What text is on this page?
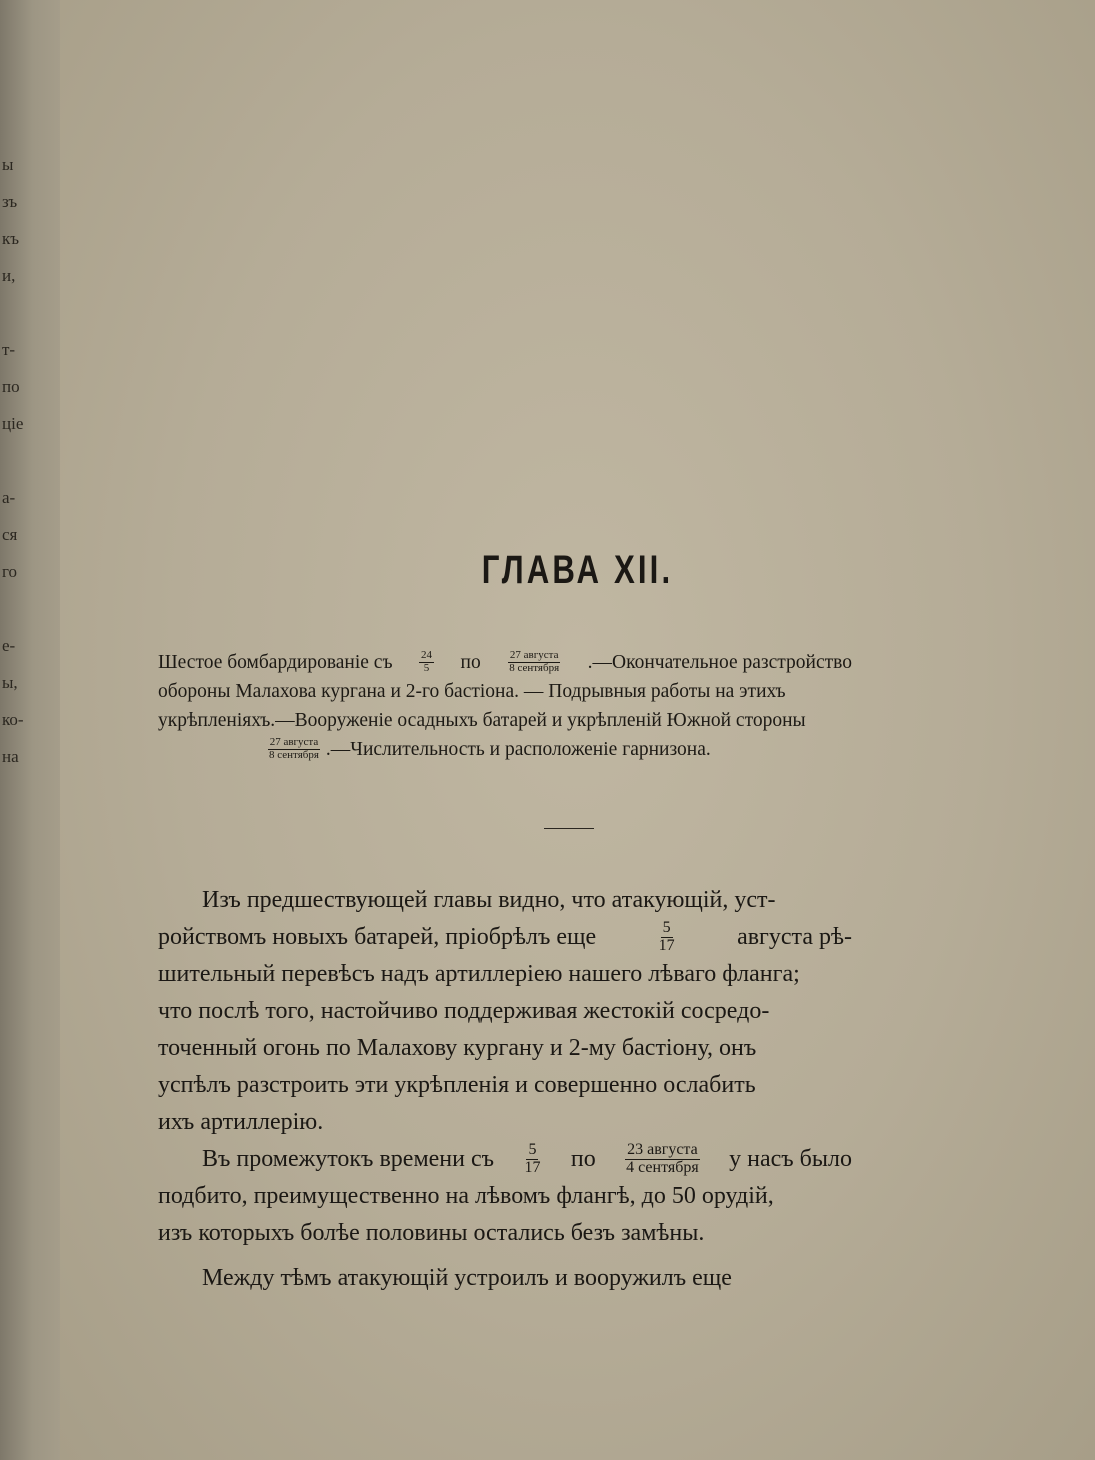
ы
зъ
къ
и,
т-
по
ціе
а-
ся
го
е-
ы,
ко-
на
ГЛАВА XII.
Шестое бомбардированіе съ $\frac{24}{5}$ по $\frac{\text{27 августа}}{\text{8 сентября}}$ .—Окончательное разстройство
обороны Малахова кургана и 2-го бастіона. — Подрывныя работы на этихъ
укрѣпленіяхъ.—Вооруженіе осадныхъ батарей и укрѣпленій Южной стороны
$\frac{\text{27 августа}}{\text{8 сентября}}$ .—Числительность и расположеніе гарнизона.
Изъ предшествующей главы видно, что атакующій, уст-
ройствомъ новыхъ батарей, пріобрѣлъ еще	$\frac{5}{17}$	августа рѣ-
шительный перевѣсъ надъ артиллеріею нашего лѣваго фланга;
что послѣ того, настойчиво поддерживая жестокій сосредо-
точенный огонь по Малахову кургану и 2-му бастіону, онъ
успѣлъ разстроить эти укрѣпленія и совершенно ослабить
ихъ артиллерію.
Въ промежутокъ времени съ $\frac{5}{17}$ по $\frac{\text{23 августа}}{\text{4 сентября}}$ у насъ было
подбито, преимущественно на лѣвомъ флангѣ, до 50 орудій,
изъ которыхъ болѣе половины остались безъ замѣны.
Между тѣмъ атакующій устроилъ и вооружилъ еще
